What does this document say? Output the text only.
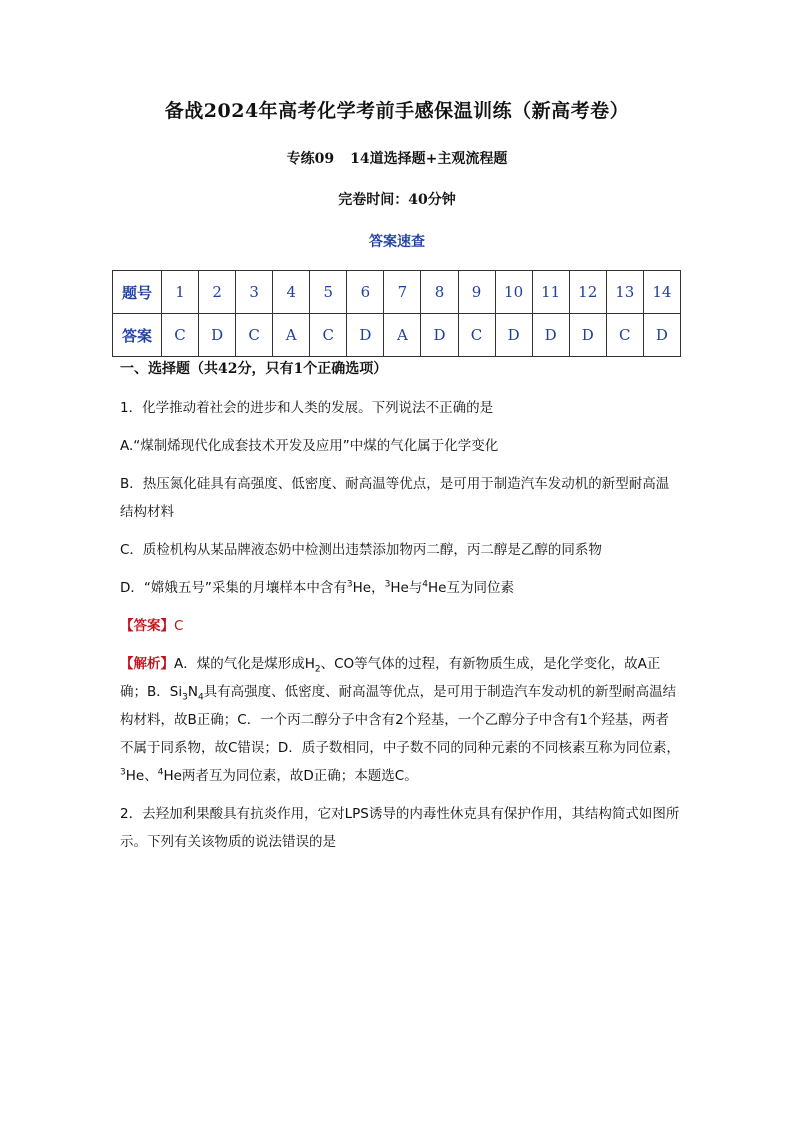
备战2024年高考化学考前手感保温训练（新高考卷）
专练09 14道选择题+主观流程题
完卷时间：40分钟
答案速查
题号	1	2	3	4	5	6	7	8	9	10	11	12	13	14
答案	C	D	C	A	C	D	A	D	C	D	D	D	C	D
一、选择题（共42分，只有1个正确选项）
1．化学推动着社会的进步和人类的发展。下列说法不正确的是
A.“煤制烯现代化成套技术开发及应用”中煤的气化属于化学变化
B．热压氮化硅具有高强度、低密度、耐高温等优点，是可用于制造汽车发动机的新型耐高温结构材料
C．质检机构从某品牌液态奶中检测出违禁添加物丙二醇，丙二醇是乙醇的同系物
D．“嫦娥五号”采集的月壤样本中含有$^3$He，$^3$He与$^4$He互为同位素
【答案】C
【解析】A．煤的气化是煤形成$H_2$、CO等气体的过程，有新物质生成，是化学变化，故A正确；B．$Si_3N_4$具有高强度、低密度、耐高温等优点，是可用于制造汽车发动机的新型耐高温结构材料，故B正确；C．一个丙二醇分子中含有2个羟基，一个乙醇分子中含有1个羟基，两者不属于同系物，故C错误；D．质子数相同，中子数不同的同种元素的不同核素互称为同位素，$^3$He、$^4$He两者互为同位素，故D正确；本题选C。
2．去羟加利果酸具有抗炎作用，它对LPS诱导的内毒性休克具有保护作用，其结构简式如图所示。下列有关该物质的说法错误的是
